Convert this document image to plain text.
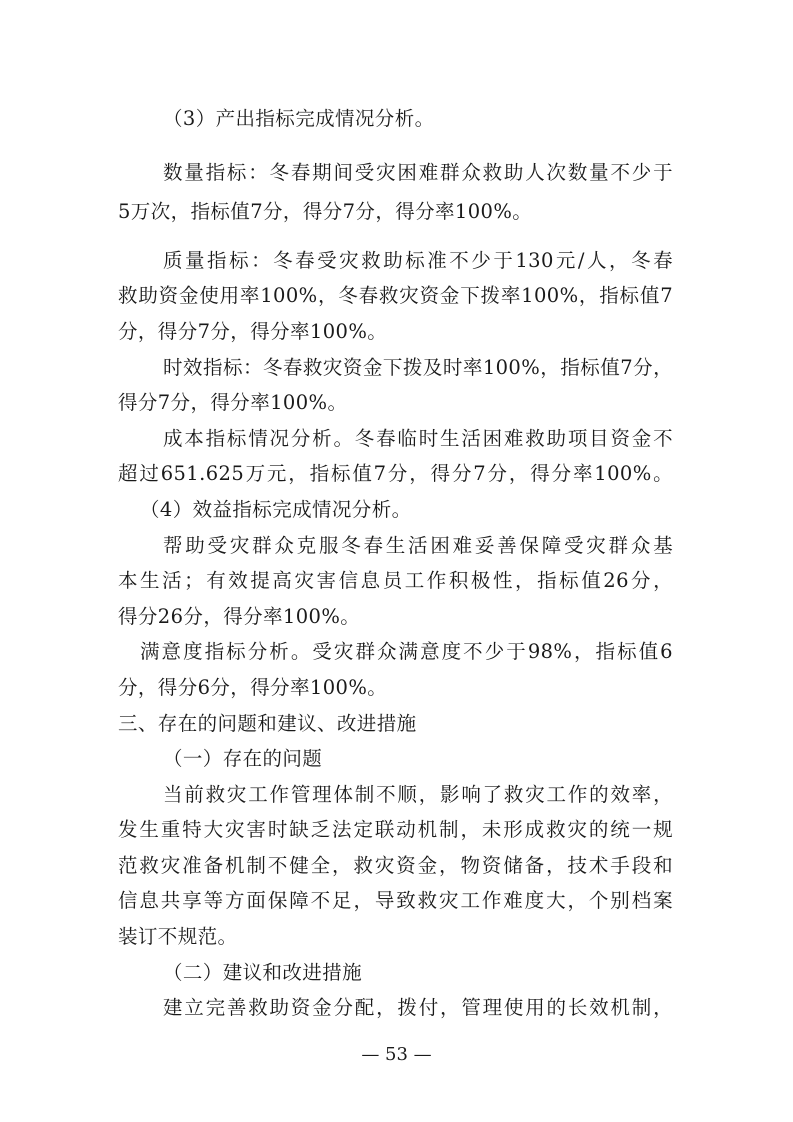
（3）产出指标完成情况分析。
数量指标：冬春期间受灾困难群众救助人次数量不少于
5万次，指标值7分，得分7分，得分率100%。
质量指标：冬春受灾救助标准不少于130元/人，冬春
救助资金使用率100%，冬春救灾资金下拨率100%，指标值7
分，得分7分，得分率100%。
时效指标：冬春救灾资金下拨及时率100%，指标值7分，
得分7分，得分率100%。
成本指标情况分析。冬春临时生活困难救助项目资金不
超过651.625万元，指标值7分，得分7分，得分率100%。
（4）效益指标完成情况分析。
帮助受灾群众克服冬春生活困难妥善保障受灾群众基
本生活；有效提高灾害信息员工作积极性，指标值26分，
得分26分，得分率100%。
满意度指标分析。受灾群众满意度不少于98%，指标值6
分，得分6分，得分率100%。
三、存在的问题和建议、改进措施
（一）存在的问题
当前救灾工作管理体制不顺，影响了救灾工作的效率，
发生重特大灾害时缺乏法定联动机制，未形成救灾的统一规
范救灾准备机制不健全，救灾资金，物资储备，技术手段和
信息共享等方面保障不足，导致救灾工作难度大，个别档案
装订不规范。
（二）建议和改进措施
建立完善救助资金分配，拨付，管理使用的长效机制，
— 53 —
